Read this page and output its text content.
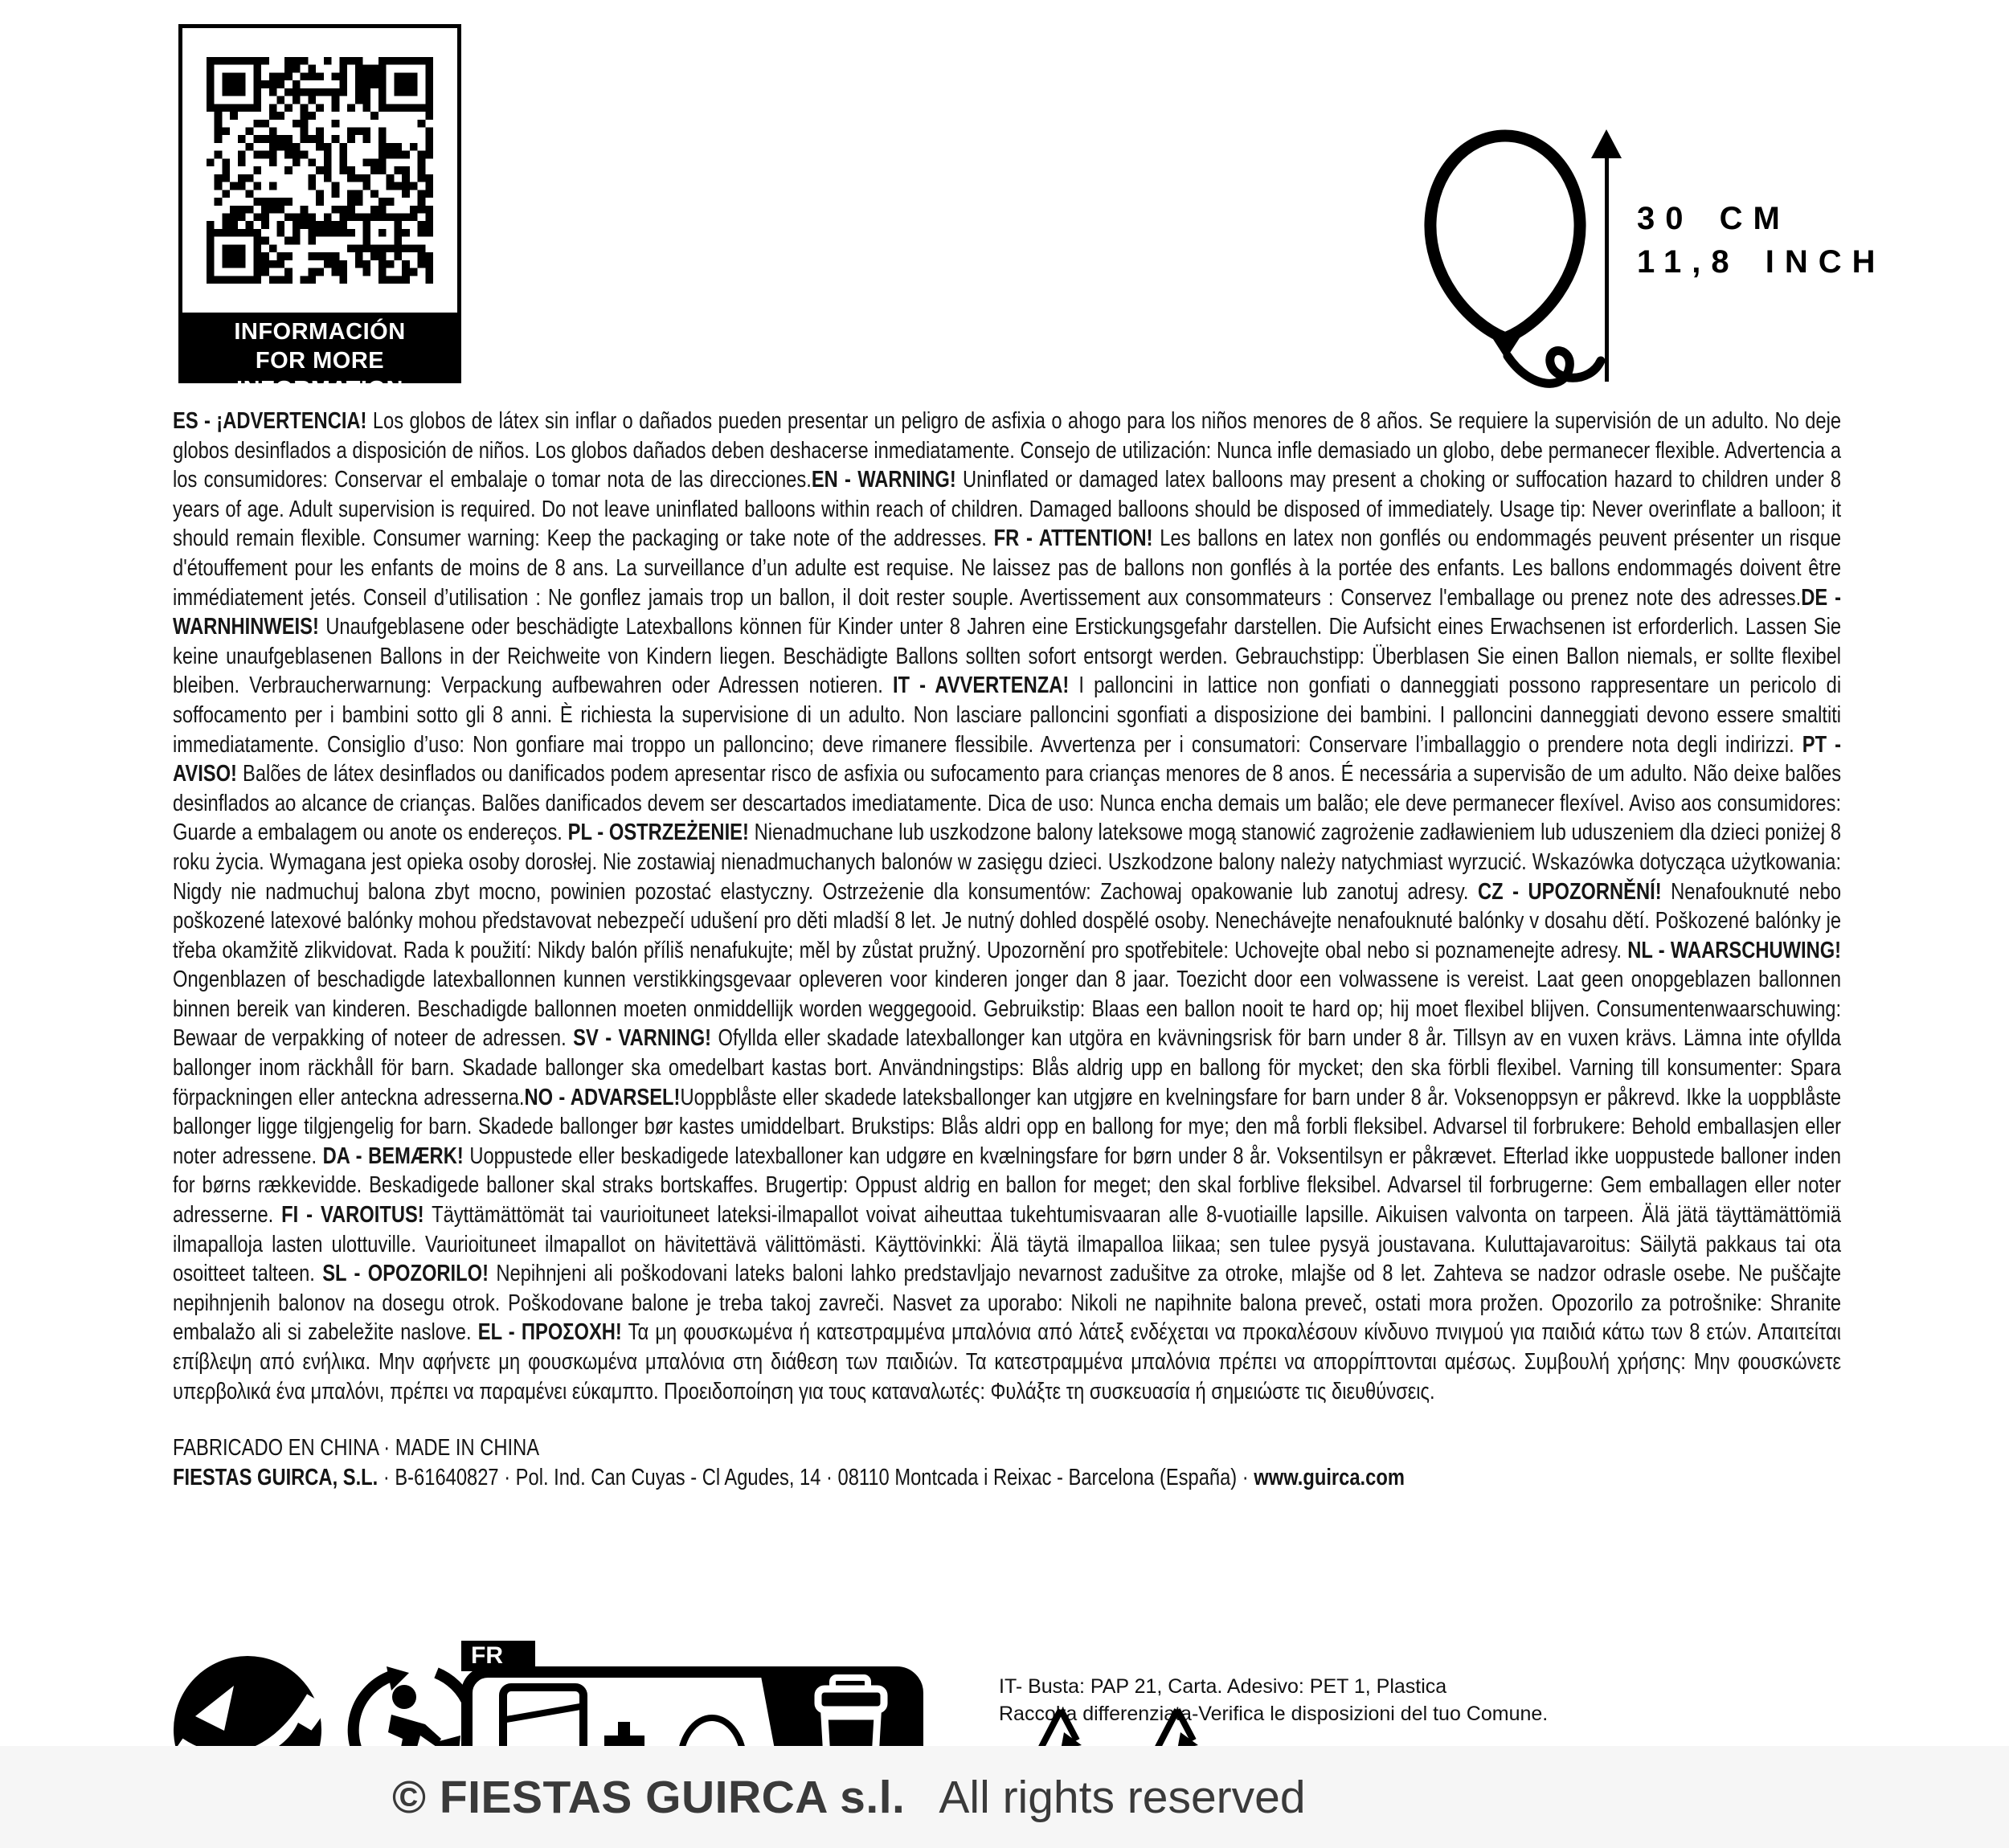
PARA MÁS INFORMACIÓN
FOR MORE INFORMATION
30 CM
11,8 INCH

ES - ¡ADVERTENCIA! Los globos de látex sin inflar o dañados pueden presentar un peligro de asfixia o ahogo para los niños menores de 8 años. Se requiere la supervisión de un adulto. No deje globos desinflados a disposición de niños. Los globos dañados deben deshacerse inmediatamente. Consejo de utilización: Nunca infle demasiado un globo, debe permanecer flexible. Advertencia a los consumidores: Conservar el embalaje o tomar nota de las direcciones.EN - WARNING! Uninflated or damaged latex balloons may present a choking or suffocation hazard to children under 8 years of age. Adult supervision is required. Do not leave uninflated balloons within reach of children. Damaged balloons should be disposed of immediately. Usage tip: Never overinflate a balloon; it should remain flexible. Consumer warning: Keep the packaging or take note of the addresses. FR - ATTENTION! Les ballons en latex non gonflés ou endommagés peuvent présenter un risque d'étouffement pour les enfants de moins de 8 ans. La surveillance d’un adulte est requise. Ne laissez pas de ballons non gonflés à la portée des enfants. Les ballons endommagés doivent être immédiatement jetés. Conseil d’utilisation : Ne gonflez jamais trop un ballon, il doit rester souple. Avertissement aux consommateurs : Conservez l'emballage ou prenez note des adresses.DE - WARNHINWEIS! Unaufgeblasene oder beschädigte Latexballons können für Kinder unter 8 Jahren eine Erstickungsgefahr darstellen. Die Aufsicht eines Erwachsenen ist erforderlich. Lassen Sie keine unaufgeblasenen Ballons in der Reichweite von Kindern liegen. Beschädigte Ballons sollten sofort entsorgt werden. Gebrauchstipp: Überblasen Sie einen Ballon niemals, er sollte flexibel bleiben. Verbraucherwarnung: Verpackung aufbewahren oder Adressen notieren. IT - AVVERTENZA! I palloncini in lattice non gonfiati o danneggiati possono rappresentare un pericolo di soffocamento per i bambini sotto gli 8 anni. È richiesta la supervisione di un adulto. Non lasciare palloncini sgonfiati a disposizione dei bambini. I palloncini danneggiati devono essere smaltiti immediatamente. Consiglio d’uso: Non gonfiare mai troppo un palloncino; deve rimanere flessibile. Avvertenza per i consumatori: Conservare l’imballaggio o prendere nota degli indirizzi. PT - AVISO! Balões de látex desinflados ou danificados podem apresentar risco de asfixia ou sufocamento para crianças menores de 8 anos. É necessária a supervisão de um adulto. Não deixe balões desinflados ao alcance de crianças. Balões danificados devem ser descartados imediatamente. Dica de uso: Nunca encha demais um balão; ele deve permanecer flexível. Aviso aos consumidores: Guarde a embalagem ou anote os endereços. PL - OSTRZEŻENIE! Nienadmuchane lub uszkodzone balony lateksowe mogą stanowić zagrożenie zadławieniem lub uduszeniem dla dzieci poniżej 8 roku życia. Wymagana jest opieka osoby dorosłej. Nie zostawiaj nienadmuchanych balonów w zasięgu dzieci. Uszkodzone balony należy natychmiast wyrzucić. Wskazówka dotycząca użytkowania: Nigdy nie nadmuchuj balona zbyt mocno, powinien pozostać elastyczny. Ostrzeżenie dla konsumentów: Zachowaj opakowanie lub zanotuj adresy. CZ - UPOZORNĚNÍ! Nenafouknuté nebo poškozené latexové balónky mohou představovat nebezpečí udušení pro děti mladší 8 let. Je nutný dohled dospělé osoby. Nenechávejte nenafouknuté balónky v dosahu dětí. Poškozené balónky je třeba okamžitě zlikvidovat. Rada k použití: Nikdy balón příliš nenafukujte; měl by zůstat pružný. Upozornění pro spotřebitele: Uchovejte obal nebo si poznamenejte adresy. NL - WAARSCHUWING! Ongenblazen of beschadigde latexballonnen kunnen verstikkingsgevaar opleveren voor kinderen jonger dan 8 jaar. Toezicht door een volwassene is vereist. Laat geen onopgeblazen ballonnen binnen bereik van kinderen. Beschadigde ballonnen moeten onmiddellijk worden weggegooid. Gebruikstip: Blaas een ballon nooit te hard op; hij moet flexibel blijven. Consumentenwaarschuwing: Bewaar de verpakking of noteer de adressen. SV - VARNING! Ofyllda eller skadade latexballonger kan utgöra en kvävningsrisk för barn under 8 år. Tillsyn av en vuxen krävs. Lämna inte ofyllda ballonger inom räckhåll för barn. Skadade ballonger ska omedelbart kastas bort. Användningstips: Blås aldrig upp en ballong för mycket; den ska förbli flexibel. Varning till konsumenter: Spara förpackningen eller anteckna adresserna.NO - ADVARSEL!Uoppblåste eller skadede lateksballonger kan utgjøre en kvelningsfare for barn under 8 år. Voksenoppsyn er påkrevd. Ikke la uoppblåste ballonger ligge tilgjengelig for barn. Skadede ballonger bør kastes umiddelbart. Brukstips: Blås aldri opp en ballong for mye; den må forbli fleksibel. Advarsel til forbrukere: Behold emballasjen eller noter adressene. DA - BEMÆRK! Uoppustede eller beskadigede latexballoner kan udgøre en kvælningsfare for børn under 8 år. Voksentilsyn er påkrævet. Efterlad ikke uoppustede balloner inden for børns rækkevidde. Beskadigede balloner skal straks bortskaffes. Brugertip: Oppust aldrig en ballon for meget; den skal forblive fleksibel. Advarsel til forbrugerne: Gem emballagen eller noter adresserne. FI - VAROITUS! Täyttämättömät tai vaurioituneet lateksi-ilmapallot voivat aiheuttaa tukehtumisvaaran alle 8-vuotiaille lapsille. Aikuisen valvonta on tarpeen. Älä jätä täyttämättömiä ilmapalloja lasten ulottuville. Vaurioituneet ilmapallot on hävitettävä välittömästi. Käyttövinkki: Älä täytä ilmapalloa liikaa; sen tulee pysyä joustavana. Kuluttajavaroitus: Säilytä pakkaus tai ota osoitteet talteen. SL - OPOZORILO! Nepihnjeni ali poškodovani lateks baloni lahko predstavljajo nevarnost zadušitve za otroke, mlajše od 8 let. Zahteva se nadzor odrasle osebe. Ne puščajte nepihnjenih balonov na dosegu otrok. Poškodovane balone je treba takoj zavreči. Nasvet za uporabo: Nikoli ne napihnite balona preveč, ostati mora prožen. Opozorilo za potrošnike: Shranite embalažo ali si zabeležite naslove. EL - ΠΡΟΣΟΧΗ! Τα μη φουσκωμένα ή κατεστραμμένα μπαλόνια από λάτεξ ενδέχεται να προκαλέσουν κίνδυνο πνιγμού για παιδιά κάτω των 8 ετών. Απαιτείται επίβλεψη από ενήλικα. Μην αφήνετε μη φουσκωμένα μπαλόνια στη διάθεση των παιδιών. Τα κατεστραμμένα μπαλόνια πρέπει να απορρίπτονται αμέσως. Συμβουλή χρήσης: Μην φουσκώνετε υπερβολικά ένα μπαλόνι, πρέπει να παραμένει εύκαμπτο. Προειδοποίηση για τους καταναλωτές: Φυλάξτε τη συσκευασία ή σημειώστε τις διευθύνσεις.

FABRICADO EN CHINA · MADE IN CHINA

FIESTAS GUIRCA, S.L. · B-61640827 · Pol. Ind. Can Cuyas - Cl Agudes, 14 · 08110 Montcada i Reixac - Barcelona (España) · www.guirca.com

FR
IT- Busta: PAP 21, Carta. Adesivo: PET 1, Plastica
Raccolta differenziata-Verifica le disposizioni del tuo Comune.
© FIESTAS GUIRCA s.l. All rights reserved
